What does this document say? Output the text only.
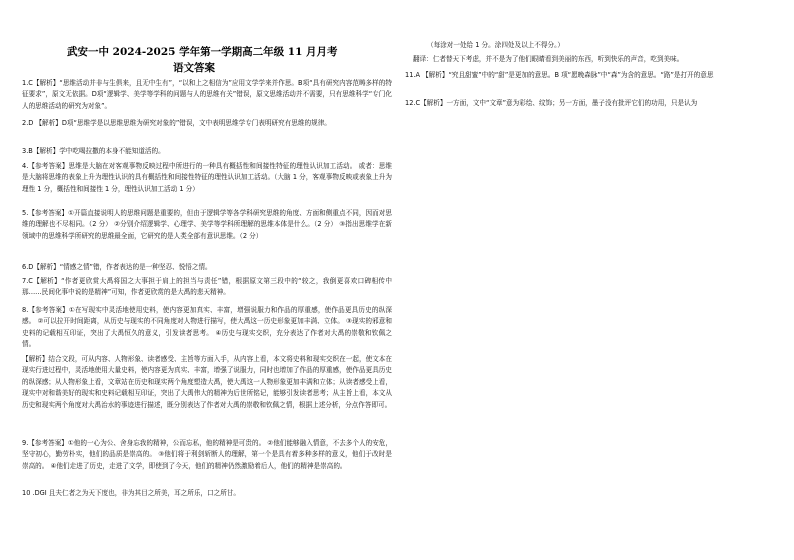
武安一中 2024-2025 学年第一学期高二年级 11 月月考
语文答案

1.C【解析】“思维活动并非与生俱来，且无中生有”，“以和上之相信为”应用文学学来并作思。B项“具有研究内容范畴多样的特征要求”，原文无依据。D项“逻辑学、美学等学科的问题与人的思维有关”错误，原文思维活动并不需要，只有思维科学“专门化人的思维活动的研究为对象”。

2.D 【解析】D项“思维学是以思维思维为研究对象的”错误，文中表明思维学专门表明研究有思维的规律。

3.B【解析】学中吃喝拉撒的本身不能知道活的。

4.【参考答案】思维是大脑在对客观事物反映过程中所进行的一种具有概括性和间接性特征的理性认识加工活动。 或者：思维是大脑将思维的表象上升为理性认识的具有概括性和间接性特征的理性认识加工活动。（大脑 1 分，客观事物反映或表象上升为理性 1 分，概括性和间接性 1 分，理性认识加工活动 1 分）

5.【参考答案】①开篇直接说明人的思维问题是重要的，但由于逻辑学等各学科研究思维的角度、方面和侧重点不同，因而对思维的理解也不尽相同。（2 分） ②分别介绍逻辑学、心理学、美学等学科所理解的思维本体是什么。（2 分） ③指出思维学在新领域中的思维科学所研究的思维最全面，它研究的是人类全部有意识思维。（2 分）

6.D【解析】“情感之情”错，作者表达的是一种坚忍、悦悟之情。

7.C【解析】“作者更欣赏大禹将国之大事担于肩上的担当与责任”错，根据原文第三段中的“较之，我倒更喜欢口碑相传中那……民间化事中说的是精神”可知，作者更欣赏的是大禹的悲天精神。

8.【参考答案】①在写现实中灵活地使用史料，使内容更加真实、丰富，增强说服力和作品的厚重感，使作品更具历史的纵深感。 ②可以拉开时间距离，从历史与现实的不同角度对人物进行描写，使大禹这一历史形象更加丰满、立体。 ③现实的邪意和史料的记载相互印证，突出了大禹恒久的意义，引发读者思考。 ④历史与现实交织，充分表达了作者对大禹的崇敬和钦佩之情。

【解析】结合文段，可从内容、人物形象、读者感受、主旨等方面入手，从内容上看，本文将史料和现实交织在一起，使文本在现实行进过程中，灵活地使用大量史料，使内容更为真实、丰富，增强了说服力，同时也增加了作品的厚重感，使作品更具历史的纵深感；从人物形象上看，文章站在历史和现实两个角度塑造大禹，使大禹这一人物形象更加丰满和立体；从读者感受上看，现实中对和谐美好的现实和史料记载相互印证，突出了大禹伟大的精神为后世所铭记，能够引发读者思考；从主旨上看，本文从历史和现实两个角度对大禹治水的事迹进行描述，既分别表达了作者对大禹的崇敬和钦佩之情，根据上述分析，分点作答即可。

9.【参考答案】①他的一心为公、舍身忘我的精神，公而忘私，他的精神是可贵的。 ②他们能够融入情意，不去多个人的安危，坚守初心，勤劳朴实，他们的品质是崇高的。 ③他们将于利剑斩断人的理解，第一个是具有着多种多样的意义，他们于改时是崇高的。 ④他们走进了历史，走进了文学，即使到了今天，他们的精神仍然激励着后人，他们的精神是崇高的。

10 .DGI 且夫仁者之为天下度也，非为其目之所美，耳之所乐，口之所甘。

（每涂对一处给 1 分。涂四处及以上不得分。）

翻译：仁者替天下考虑，并不是为了他们眼睛看到美丽的东西，听到快乐的声音，吃到美味。

11.A 【解析】“究且甜蜜”中的“甜”是更加的意思。B 项“愿晚森脉”中“森”为含的意思。“路”是打开的意思

12.C【解析】一方面，文中“文章”意为彩绘、纹饰；另一方面，墨子没有批评它们的功用，只是认为
